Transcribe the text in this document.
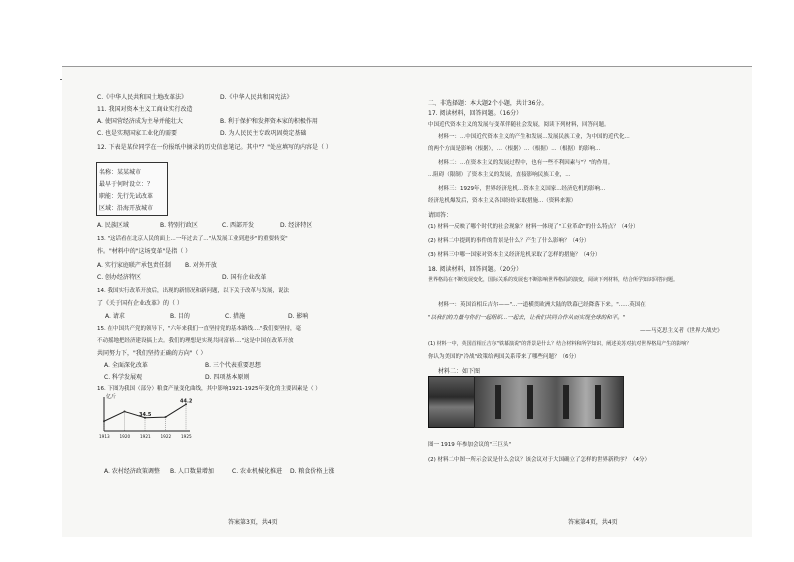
C.《中华人民共和国土地改革法》	D.《中华人民共和国宪法》
11. 我国对资本主义工商业实行改造
A. 使国营经济成为主导并能壮大	B. 利于保护和发挥资本家的积极作用
C. 也是实现国家工业化的需要	D. 为人民民主专政巩固奠定基础
12. 下表是某位同学在一份报纸中摘录的历史信息笔记。其中"？"处应填写的内容是（ ）
名称：某某城市
最早于何时设立：？
职能：先行先试改革
区域：沿海开放城市
A. 民族区域	B. 特别行政区	C. 西部开发	D. 经济特区
13. "这话看在北京人民的面上...一年过去了..."从发展工业到进步"的重要转变"
作。"材料中的"这场变革"是指（ ）
A. 实行家庭联产承包责任制 B. 对外开放
C. 创办经济特区	D. 国有企业改革
14. 我国实行改革开放后，出现的新情况和新问题，以下关于改革与发展，说法
了《关于国有企业改革》的（ ）
A. 请求	B. 目的	C. 措施	D. 影响
15. 在中国共产党的领导下，"六年来我们一直坚持党的基本路线...."我们要坚持，毫
不动摇地把经济建设搞上去。我们的理想是实现共同富裕...."这是中国在改革开放
共同努力下，"我们坚持正确的方向"（ ）
A. 全面深化改革	B. 三个代表重要思想
C. 科学发展观	D. 四项基本原则
16. 下图为我国（部分）粮食产量变化曲线，其中影响1921-1925年变化的主要因素是（ ）
亿斤
1913 1920
34.5
1921 1922
44.2
1925
A. 农村经济政策调整 B. 人口数量增加	C. 农业机械化推进 D. 粮食价格上涨
答案第3页，共4页
二、非选择题：本大题2个小题，共计36分。
17. 阅读材料，回答问题。（16分）
中国近代资本主义的发展与变革伴随社会发展，阅读下列材料，回答问题。
材料一：...中国近代资本主义的产生和发展...发展民族工业，为中国的近代化...
的两个方面是影响（根据），...（根据）...（根据）...（根据）的影响...
材料二：...在资本主义的发展过程中，也有一些不利因素与"？"的作用。
...阻碍（限制）了资本主义的发展，直接影响民族工业，...
材料三：1929年，世界经济危机...资本主义国家...经济危机的影响...
经济危机爆发后，资本主义各国纷纷采取措施...（资料来源）
请回答：
(1) 材料一反映了哪个时代的社会现象？材料一体现了"工业革命"的什么特点？（4分）
(2) 材料二中提到的事件的背景是什么？产生了什么影响？（4分）
(3) 材料三中哪一国家对资本主义经济危机采取了怎样的措施？（4分）
18. 阅读材料，回答问题。（20分）
世界格局在不断发展变化，国际关系的发展也不断影响世界格局的演变，阅读下列材料，结合所学知识回答问题。
材料一：英国首相丘吉尔——"...一道横贯欧洲大陆的铁幕已经降落下来。"......英国在
"以我们的力量与你们一起组织...一起去，让我们共同合作从而实现全球的和平。"
——马克思主义者《世界大战史》
(1) 材料一中，英国首相丘吉尔"铁幕演说"的背景是什么？结合材料和所学知识，阐述美苏对抗对世界格局产生的影响？
你认为美国的"冷战"政策给两国关系带来了哪些问题？（6分）
材料二：如下图
图一 1919 年参加会议的"三巨头"
(2) 材料二中图一所示会议是什么会议？该会议对于大国确立了怎样的世界新秩序？（4分）
答案第4页，共4页
